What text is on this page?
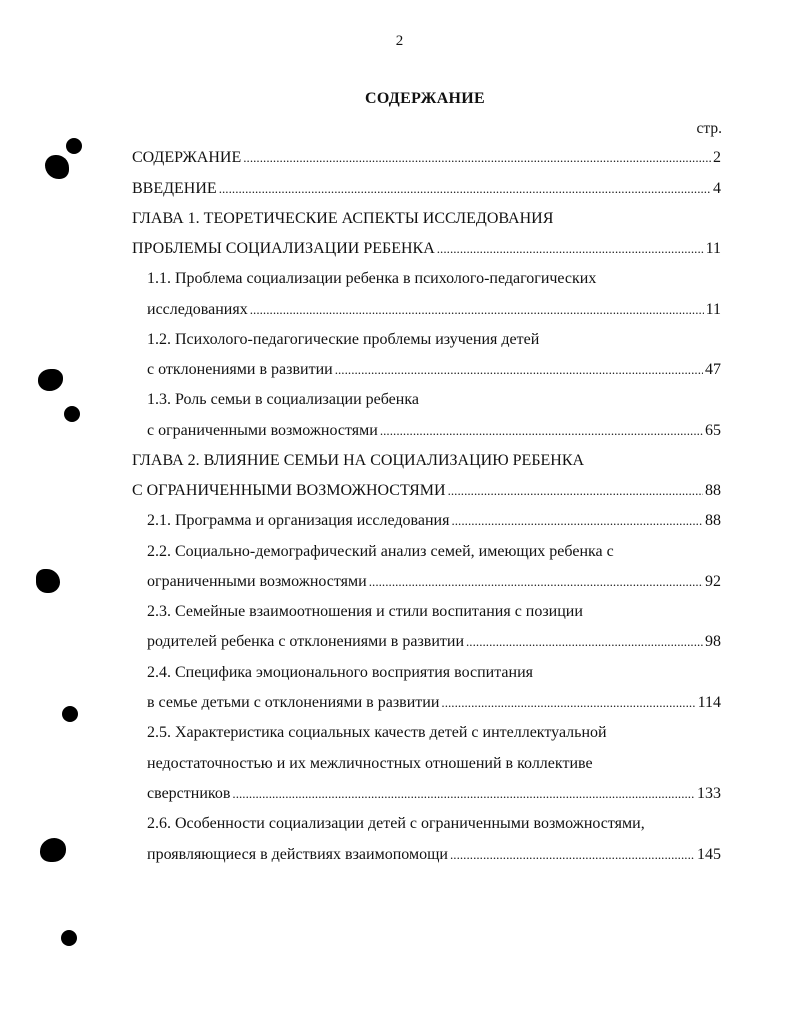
2
СОДЕРЖАНИЕ
стр.
СОДЕРЖАНИЕ . . .	2
ВВЕДЕНИЕ . . .	4
ГЛАВА 1. ТЕОРЕТИЧЕСКИЕ АСПЕКТЫ ИССЛЕДОВАНИЯ
ПРОБЛЕМЫ СОЦИАЛИЗАЦИИ РЕБЕНКА . . .	11
1.1. Проблема социализации ребенка в психолого-педагогических
исследованиях . . .	11
1.2. Психолого-педагогические проблемы изучения детей
с отклонениями в развитии . . .	47
1.3. Роль семьи в социализации ребенка
с ограниченными возможностями . . .	65
ГЛАВА 2. ВЛИЯНИЕ СЕМЬИ НА СОЦИАЛИЗАЦИЮ РЕБЕНКА
С ОГРАНИЧЕННЫМИ ВОЗМОЖНОСТЯМИ . . .	88
2.1. Программа и организация исследования . . .	88
2.2. Социально-демографический анализ семей, имеющих ребенка с
ограниченными возможностями . . .	92
2.3. Семейные взаимоотношения и стили воспитания с позиции
родителей ребенка с отклонениями в развитии . . .	98
2.4. Специфика эмоционального восприятия воспитания
в семье детьми с отклонениями в развитии . . .	114
2.5. Характеристика социальных качеств детей с интеллектуальной
недостаточностью и их межличностных отношений в коллективе
сверстников . . .	133
2.6. Особенности социализации детей с ограниченными возможностями,
проявляющиеся в действиях взаимопомощи . . .	145
